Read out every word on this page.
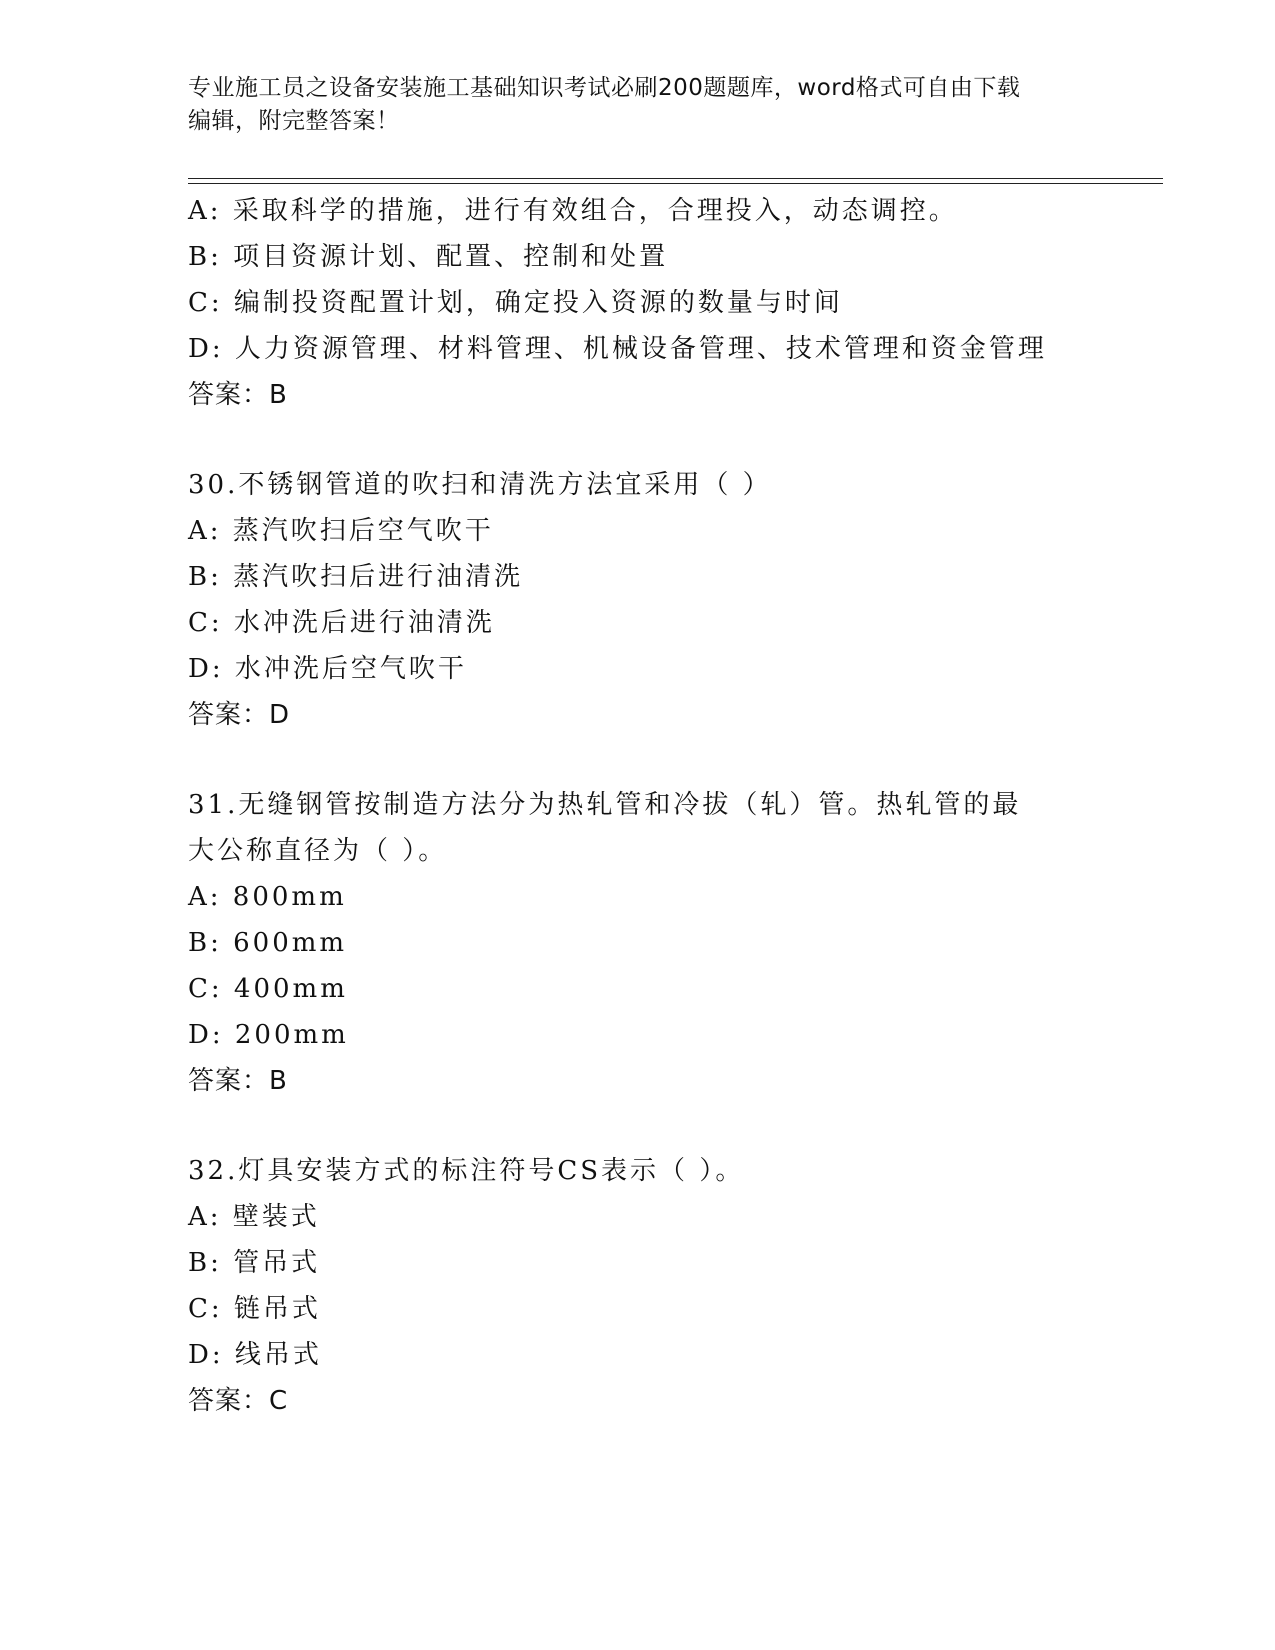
专业施工员之设备安装施工基础知识考试必刷200题题库，word格式可自由下载
编辑，附完整答案！
A: 采取科学的措施，进行有效组合，合理投入，动态调控。
B: 项目资源计划、配置、控制和处置
C: 编制投资配置计划，确定投入资源的数量与时间
D: 人力资源管理、材料管理、机械设备管理、技术管理和资金管理
答案：B
30.不锈钢管道的吹扫和清洗方法宜采用（ ）
A: 蒸汽吹扫后空气吹干
B: 蒸汽吹扫后进行油清洗
C: 水冲洗后进行油清洗
D: 水冲洗后空气吹干
答案：D
31.无缝钢管按制造方法分为热轧管和冷拔（轧）管。热轧管的最大公称直径为（ ）。
A: 800mm
B: 600mm
C: 400mm
D: 200mm
答案：B
32.灯具安装方式的标注符号CS表示（ ）。
A: 壁装式
B: 管吊式
C: 链吊式
D: 线吊式
答案：C
